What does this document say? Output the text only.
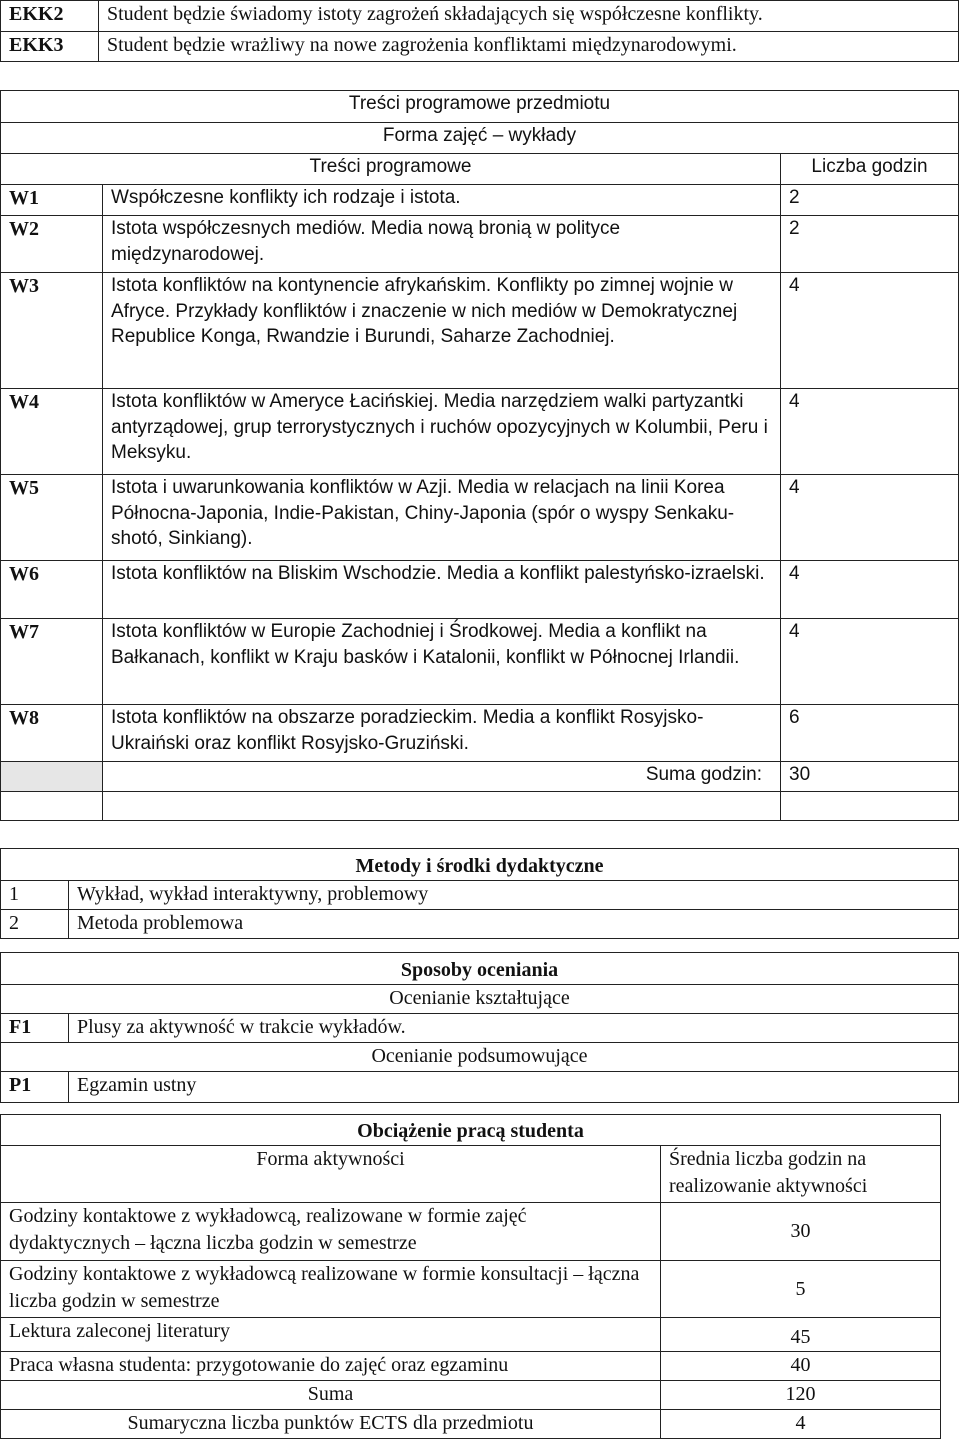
EKK2	Student będzie świadomy istoty zagrożeń składających się współczesne konflikty.
EKK3	Student będzie wrażliwy na nowe zagrożenia konfliktami międzynarodowymi.
Treści programowe przedmiotu		
Forma zajęć – wykłady		
Treści programowe		Liczba godzin
W1	Współczesne konflikty ich rodzaje i istota.	2
W2	Istota współczesnych mediów. Media nową bronią w polityce międzynarodowej.	2
W3	Istota konfliktów na kontynencie afrykańskim. Konflikty po zimnej wojnie w Afryce. Przykłady konfliktów i znaczenie w nich mediów w Demokratycznej Republice Konga, Rwandzie i Burundi, Saharze Zachodniej.	4
W4	Istota konfliktów w Ameryce Łacińskiej. Media narzędziem walki partyzantki antyrządowej, grup terrorystycznych i ruchów opozycyjnych w Kolumbii, Peru i Meksyku.	4
W5	Istota i uwarunkowania konfliktów w Azji. Media w relacjach na linii Korea Północna-Japonia, Indie-Pakistan, Chiny-Japonia (spór o wyspy Senkaku-shotó, Sinkiang).	4
W6	Istota konfliktów na Bliskim Wschodzie. Media a konflikt palestyńsko-izraelski.	4
W7	Istota konfliktów w Europie Zachodniej i Środkowej. Media a konflikt na Bałkanach, konflikt w Kraju basków i Katalonii, konflikt w Północnej Irlandii.	4
W8	Istota konfliktów na obszarze poradzieckim. Media a konflikt Rosyjsko-Ukraiński oraz konflikt Rosyjsko-Gruziński.	6
	Suma godzin:	30

Metody i środki dydaktyczne	
1	Wykład, wykład interaktywny, problemowy
2	Metoda problemowa
Sposoby oceniania	
Ocenianie kształtujące	
F1	Plusy za aktywność w trakcie wykładów.
Ocenianie podsumowujące	
P1	Egzamin ustny
Obciążenie pracą studenta	
Forma aktywności	Średnia liczba godzin na realizowanie aktywności
Godziny kontaktowe z wykładowcą, realizowane w formie zajęć dydaktycznych – łączna liczba godzin w semestrze	30
Godziny kontaktowe z wykładowcą realizowane w formie konsultacji – łączna liczba godzin w semestrze	5
Lektura zaleconej literatury	45
Praca własna studenta: przygotowanie do zajęć oraz egzaminu	40
Suma	120
Sumaryczna liczba punktów ECTS dla przedmiotu	4
